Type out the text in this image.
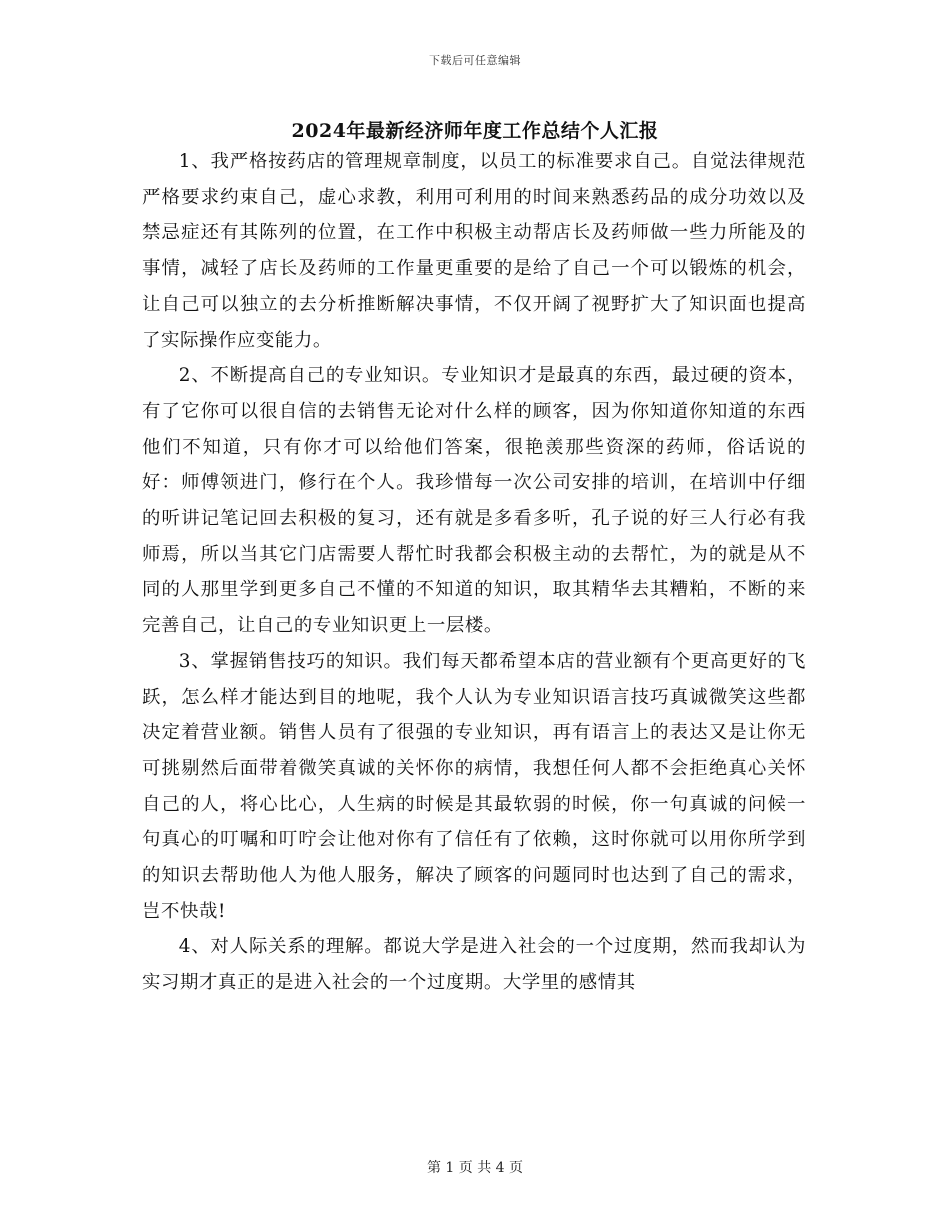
下载后可任意编辑
2024年最新经济师年度工作总结个人汇报

1、我严格按药店的管理规章制度，以员工的标准要求自己。自觉法律规范严格要求约束自己，虚心求教，利用可利用的时间来熟悉药品的成分功效以及禁忌症还有其陈列的位置，在工作中积极主动帮店长及药师做一些力所能及的事情，减轻了店长及药师的工作量更重要的是给了自己一个可以锻炼的机会，让自己可以独立的去分析推断解决事情，不仅开阔了视野扩大了知识面也提高了实际操作应变能力。

2、不断提高自己的专业知识。专业知识才是最真的东西，最过硬的资本，有了它你可以很自信的去销售无论对什么样的顾客，因为你知道你知道的东西他们不知道，只有你才可以给他们答案，很艳羡那些资深的药师，俗话说的好：师傅领进门，修行在个人。我珍惜每一次公司安排的培训，在培训中仔细的听讲记笔记回去积极的复习，还有就是多看多听，孔子说的好三人行必有我师焉，所以当其它门店需要人帮忙时我都会积极主动的去帮忙，为的就是从不同的人那里学到更多自己不懂的不知道的知识，取其精华去其糟粕，不断的来完善自己，让自己的专业知识更上一层楼。

3、掌握销售技巧的知识。我们每天都希望本店的营业额有个更高更好的飞跃，怎么样才能达到目的地呢，我个人认为专业知识语言技巧真诚微笑这些都决定着营业额。销售人员有了很强的专业知识，再有语言上的表达又是让你无可挑剔然后面带着微笑真诚的关怀你的病情，我想任何人都不会拒绝真心关怀自己的人，将心比心，人生病的时候是其最软弱的时候，你一句真诚的问候一句真心的叮嘱和叮咛会让他对你有了信任有了依赖，这时你就可以用你所学到的知识去帮助他人为他人服务，解决了顾客的问题同时也达到了自己的需求，岂不快哉!

4、对人际关系的理解。都说大学是进入社会的一个过度期，然而我却认为实习期才真正的是进入社会的一个过度期。大学里的感情其

第 1 页 共 4 页
